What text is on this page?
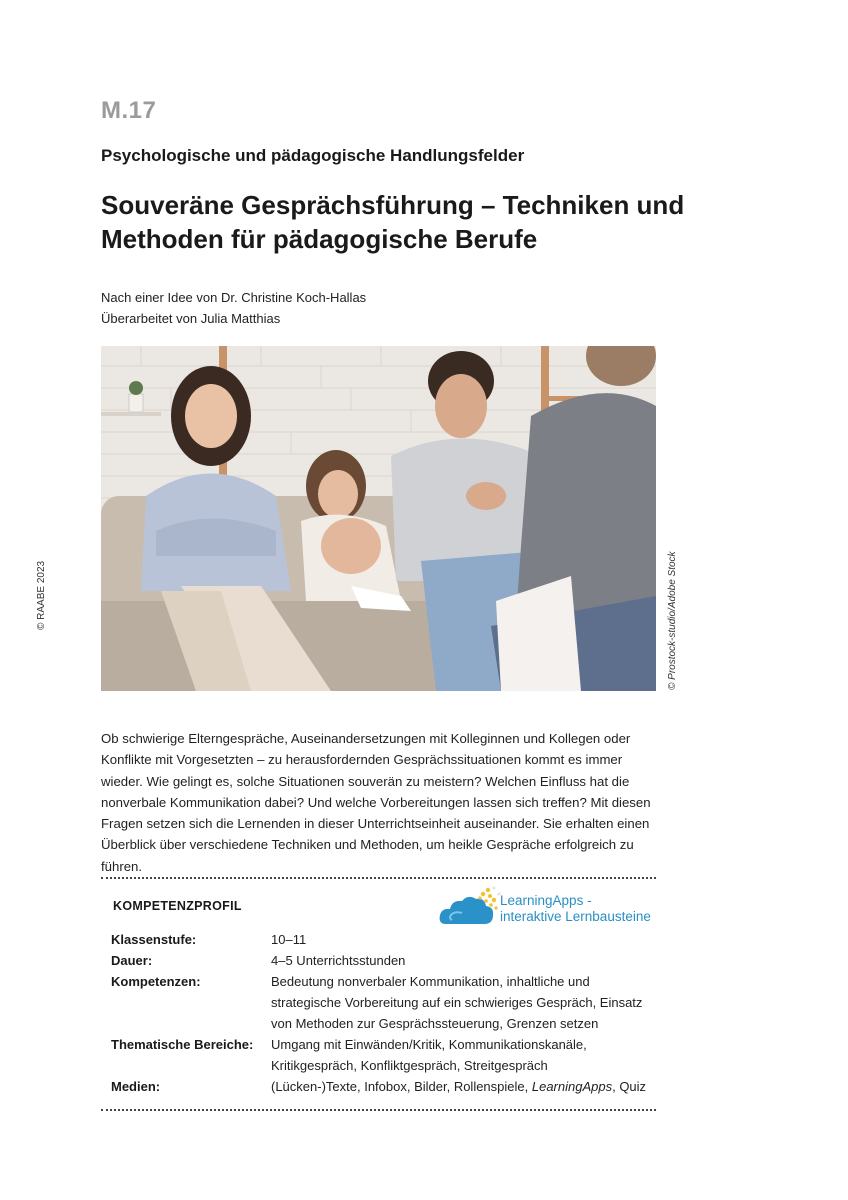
M.17
Psychologische und pädagogische Handlungsfelder
Souveräne Gesprächsführung – Techniken und
Methoden für pädagogische Berufe
Nach einer Idee von Dr. Christine Koch-Hallas
Überarbeitet von Julia Matthias
© RAABE 2023	© Prostock-studio/Adobe Stock
Ob schwierige Elterngespräche, Auseinandersetzungen mit Kolleginnen und Kollegen oder Konflikte mit Vorgesetzten – zu herausfordernden Gesprächssituationen kommt es immer wieder. Wie gelingt es, solche Situationen souverän zu meistern? Welchen Einfluss hat die nonverbale Kommunikation dabei? Und welche Vorbereitungen lassen sich treffen? Mit diesen Fragen setzen sich die Lernenden in dieser Unterrichtseinheit auseinander. Sie erhalten einen Überblick über verschiedene Techniken und Methoden, um heikle Gespräche erfolgreich zu führen.
KOMPETENZPROFIL	LearningApps -
interaktive Lernbausteine
Klassenstufe:	10–11
Dauer:	4–5 Unterrichtsstunden
Kompetenzen:	Bedeutung nonverbaler Kommunikation, inhaltliche und strategische Vorbereitung auf ein schwieriges Gespräch, Einsatz von Methoden zur Gesprächssteuerung, Grenzen setzen
Thematische Bereiche:	Umgang mit Einwänden/Kritik, Kommunikationskanäle, Kritikgespräch, Konfliktgespräch, Streitgespräch
Medien:	(Lücken-)Texte, Infobox, Bilder, Rollenspiele, LearningApps, Quiz
